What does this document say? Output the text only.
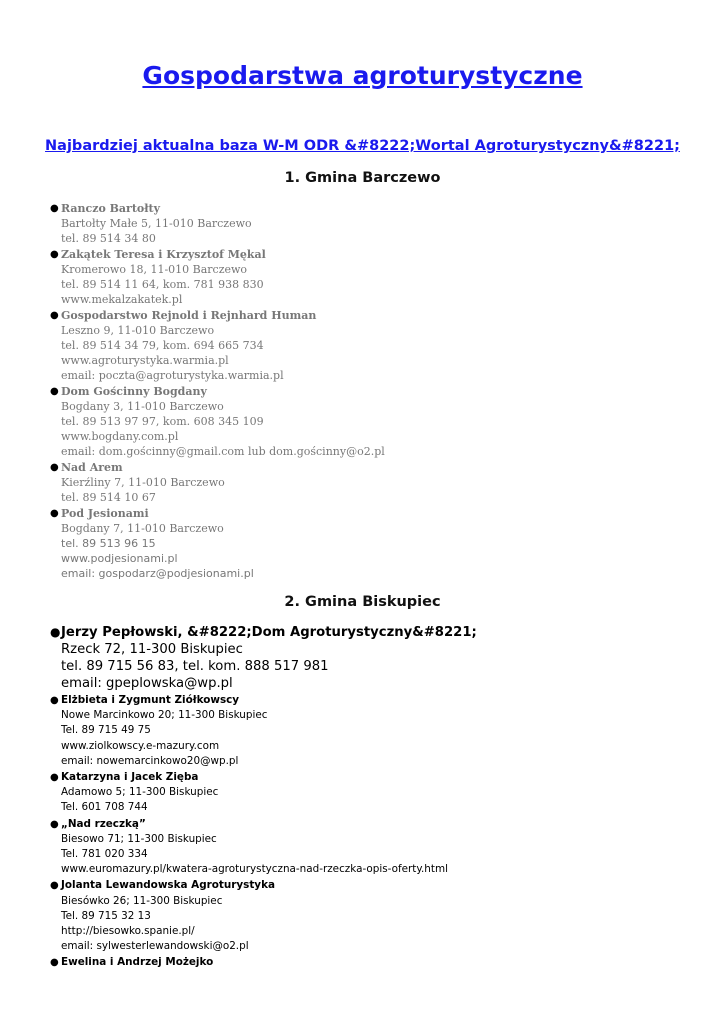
Gospodarstwa agroturystyczne

Najbardziej aktualna baza W-M ODR &#8222;Wortal Agroturystyczny&#8221;

1. Gmina Barczewo
● Ranczo Bartołty
Bartołty Małe 5, 11-010 Barczewo
tel. 89 514 34 80
● Zakątek Teresa i Krzysztof Mękal
Kromerowo 18, 11-010 Barczewo
tel. 89 514 11 64, kom. 781 938 830
www.mekalzakatek.pl
● Gospodarstwo Rejnold i Rejnhard Human
Leszno 9, 11-010 Barczewo
tel. 89 514 34 79, kom. 694 665 734
www.agroturystyka.warmia.pl
email: poczta@agroturystyka.warmia.pl
● Dom Gościnny Bogdany
Bogdany 3, 11-010 Barczewo
tel. 89 513 97 97, kom. 608 345 109
www.bogdany.com.pl
email: dom.gościnny@gmail.com lub dom.gościnny@o2.pl
● Nad Arem
Kierźliny 7, 11-010 Barczewo
tel. 89 514 10 67
● Pod Jesionami
Bogdany 7, 11-010 Barczewo
tel. 89 513 96 15
www.podjesionami.pl
email: gospodarz@podjesionami.pl
2. Gmina Biskupiec
● Jerzy Pepłowski, &#8222;Dom Agroturystyczny&#8221;
Rzeck 72, 11-300 Biskupiec
tel. 89 715 56 83, tel. kom. 888 517 981
email: gpeplowska@wp.pl
● Elżbieta i Zygmunt Ziółkowscy
Nowe Marcinkowo 20; 11-300 Biskupiec
Tel. 89 715 49 75
www.ziolkowscy.e-mazury.com
email: nowemarcinkowo20@wp.pl
● Katarzyna i Jacek Zięba
Adamowo 5; 11-300 Biskupiec
Tel. 601 708 744
● „Nad rzeczką”
Biesowo 71; 11-300 Biskupiec
Tel. 781 020 334
www.euromazury.pl/kwatera-agroturystyczna-nad-rzeczka-opis-oferty.html
● Jolanta Lewandowska Agroturystyka
Biesówko 26; 11-300 Biskupiec
Tel. 89 715 32 13
http://biesowko.spanie.pl/
email: sylwesterlewandowski@o2.pl
● Ewelina i Andrzej Możejko
